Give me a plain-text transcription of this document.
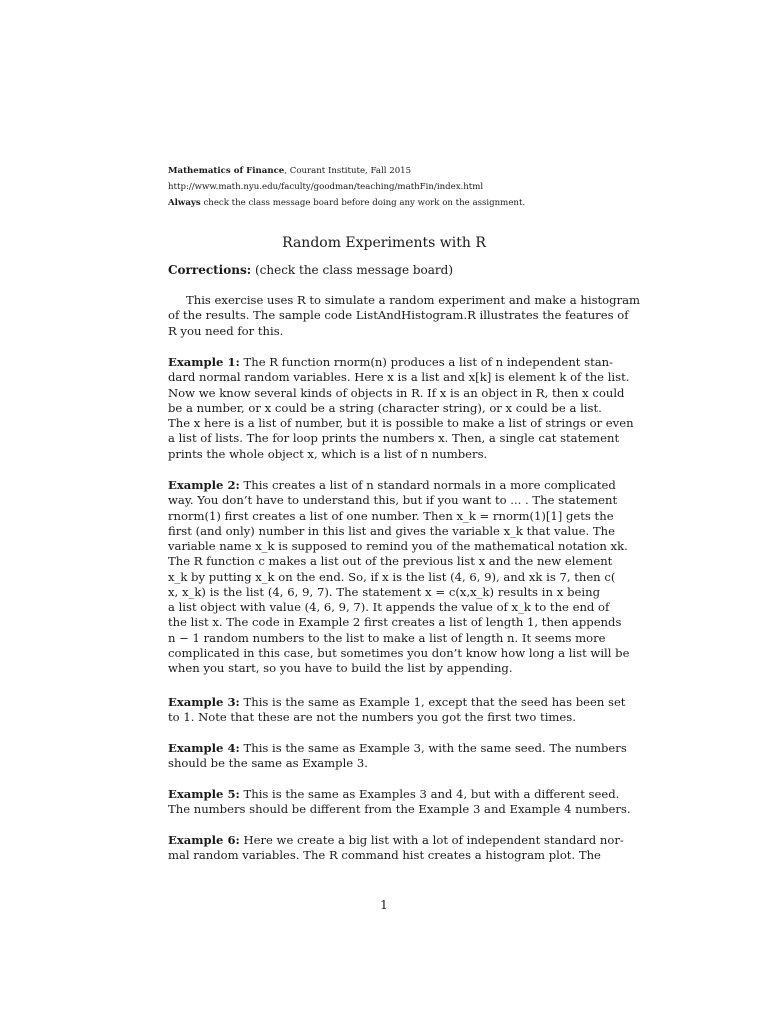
Mathematics of Finance, Courant Institute, Fall 2015
http://www.math.nyu.edu/faculty/goodman/teaching/mathFin/index.html
Always check the class message board before doing any work on the assignment.
Random Experiments with R
Corrections: (check the class message board)
This exercise uses R to simulate a random experiment and make a histogram
of the results. The sample code ListAndHistogram.R illustrates the features of
R you need for this.
Example 1: The R function rnorm(n) produces a list of n independent stan-
dard normal random variables. Here x is a list and x[k] is element k of the list.
Now we know several kinds of objects in R. If x is an object in R, then x could
be a number, or x could be a string (character string), or x could be a list.
The x here is a list of number, but it is possible to make a list of strings or even
a list of lists. The for loop prints the numbers x. Then, a single cat statement
prints the whole object x, which is a list of n numbers.
Example 2: This creates a list of n standard normals in a more complicated
way. You don’t have to understand this, but if you want to ... . The statement
rnorm(1) first creates a list of one number. Then x_k = rnorm(1)[1] gets the
first (and only) number in this list and gives the variable x_k that value. The
variable name x_k is supposed to remind you of the mathematical notation xk.
The R function c makes a list out of the previous list x and the new element
x_k by putting x_k on the end. So, if x is the list (4, 6, 9), and xk is 7, then c(
x, x_k) is the list (4, 6, 9, 7). The statement x = c(x,x_k) results in x being
a list object with value (4, 6, 9, 7). It appends the value of x_k to the end of
the list x. The code in Example 2 first creates a list of length 1, then appends
n − 1 random numbers to the list to make a list of length n. It seems more
complicated in this case, but sometimes you don’t know how long a list will be
when you start, so you have to build the list by appending.
Example 3: This is the same as Example 1, except that the seed has been set
to 1. Note that these are not the numbers you got the first two times.
Example 4: This is the same as Example 3, with the same seed. The numbers
should be the same as Example 3.
Example 5: This is the same as Examples 3 and 4, but with a different seed.
The numbers should be different from the Example 3 and Example 4 numbers.
Example 6: Here we create a big list with a lot of independent standard nor-
mal random variables. The R command hist creates a histogram plot. The
1
